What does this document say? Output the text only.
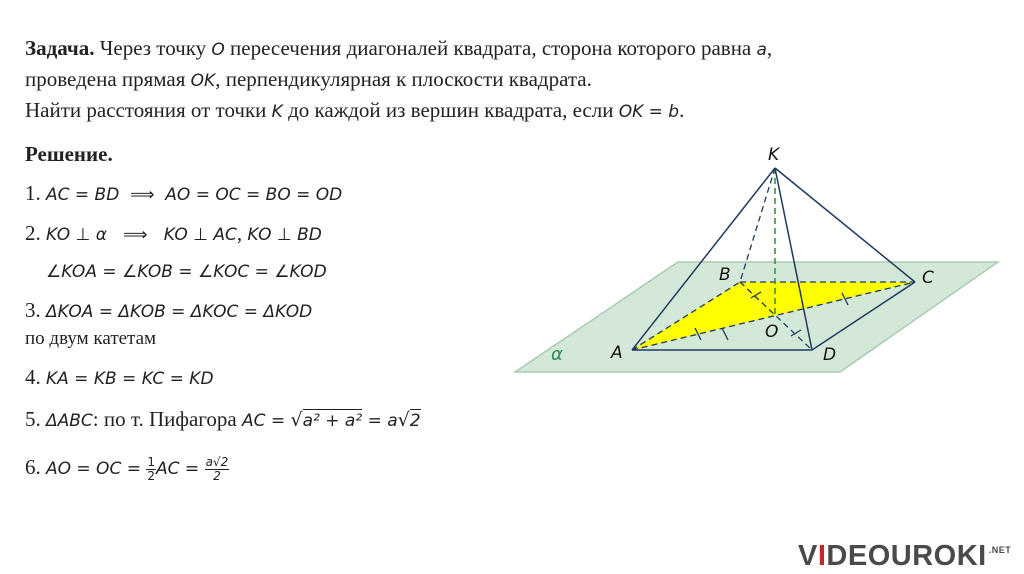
Задача. Через точку O пересечения диагоналей квадрата, сторона которого равна a,
проведена прямая OK, перпендикулярная к плоскости квадрата.
Найти расстояния от точки K до каждой из вершин квадрата, если OK = b.
Решение.
1. AC = BD  ⟹  AO = OC = BO = OD
2. KO ⊥ α   ⟹   KO ⊥ AC, KO ⊥ BD
∠KOA = ∠KOB = ∠KOC = ∠KOD
3. ΔKOA = ΔKOB = ΔKOC = ΔKOD
по двум катетам
4. KA = KB = KC = KD
5. ΔABC: по т. Пифагора AC = √a² + a² = a√2
6. AO = OC = $\frac{1}{2}$ AC = $\frac{a√2}{2}$
K
A
B	C
D
O
α
VIDEOUROKI $^{.NET}$
